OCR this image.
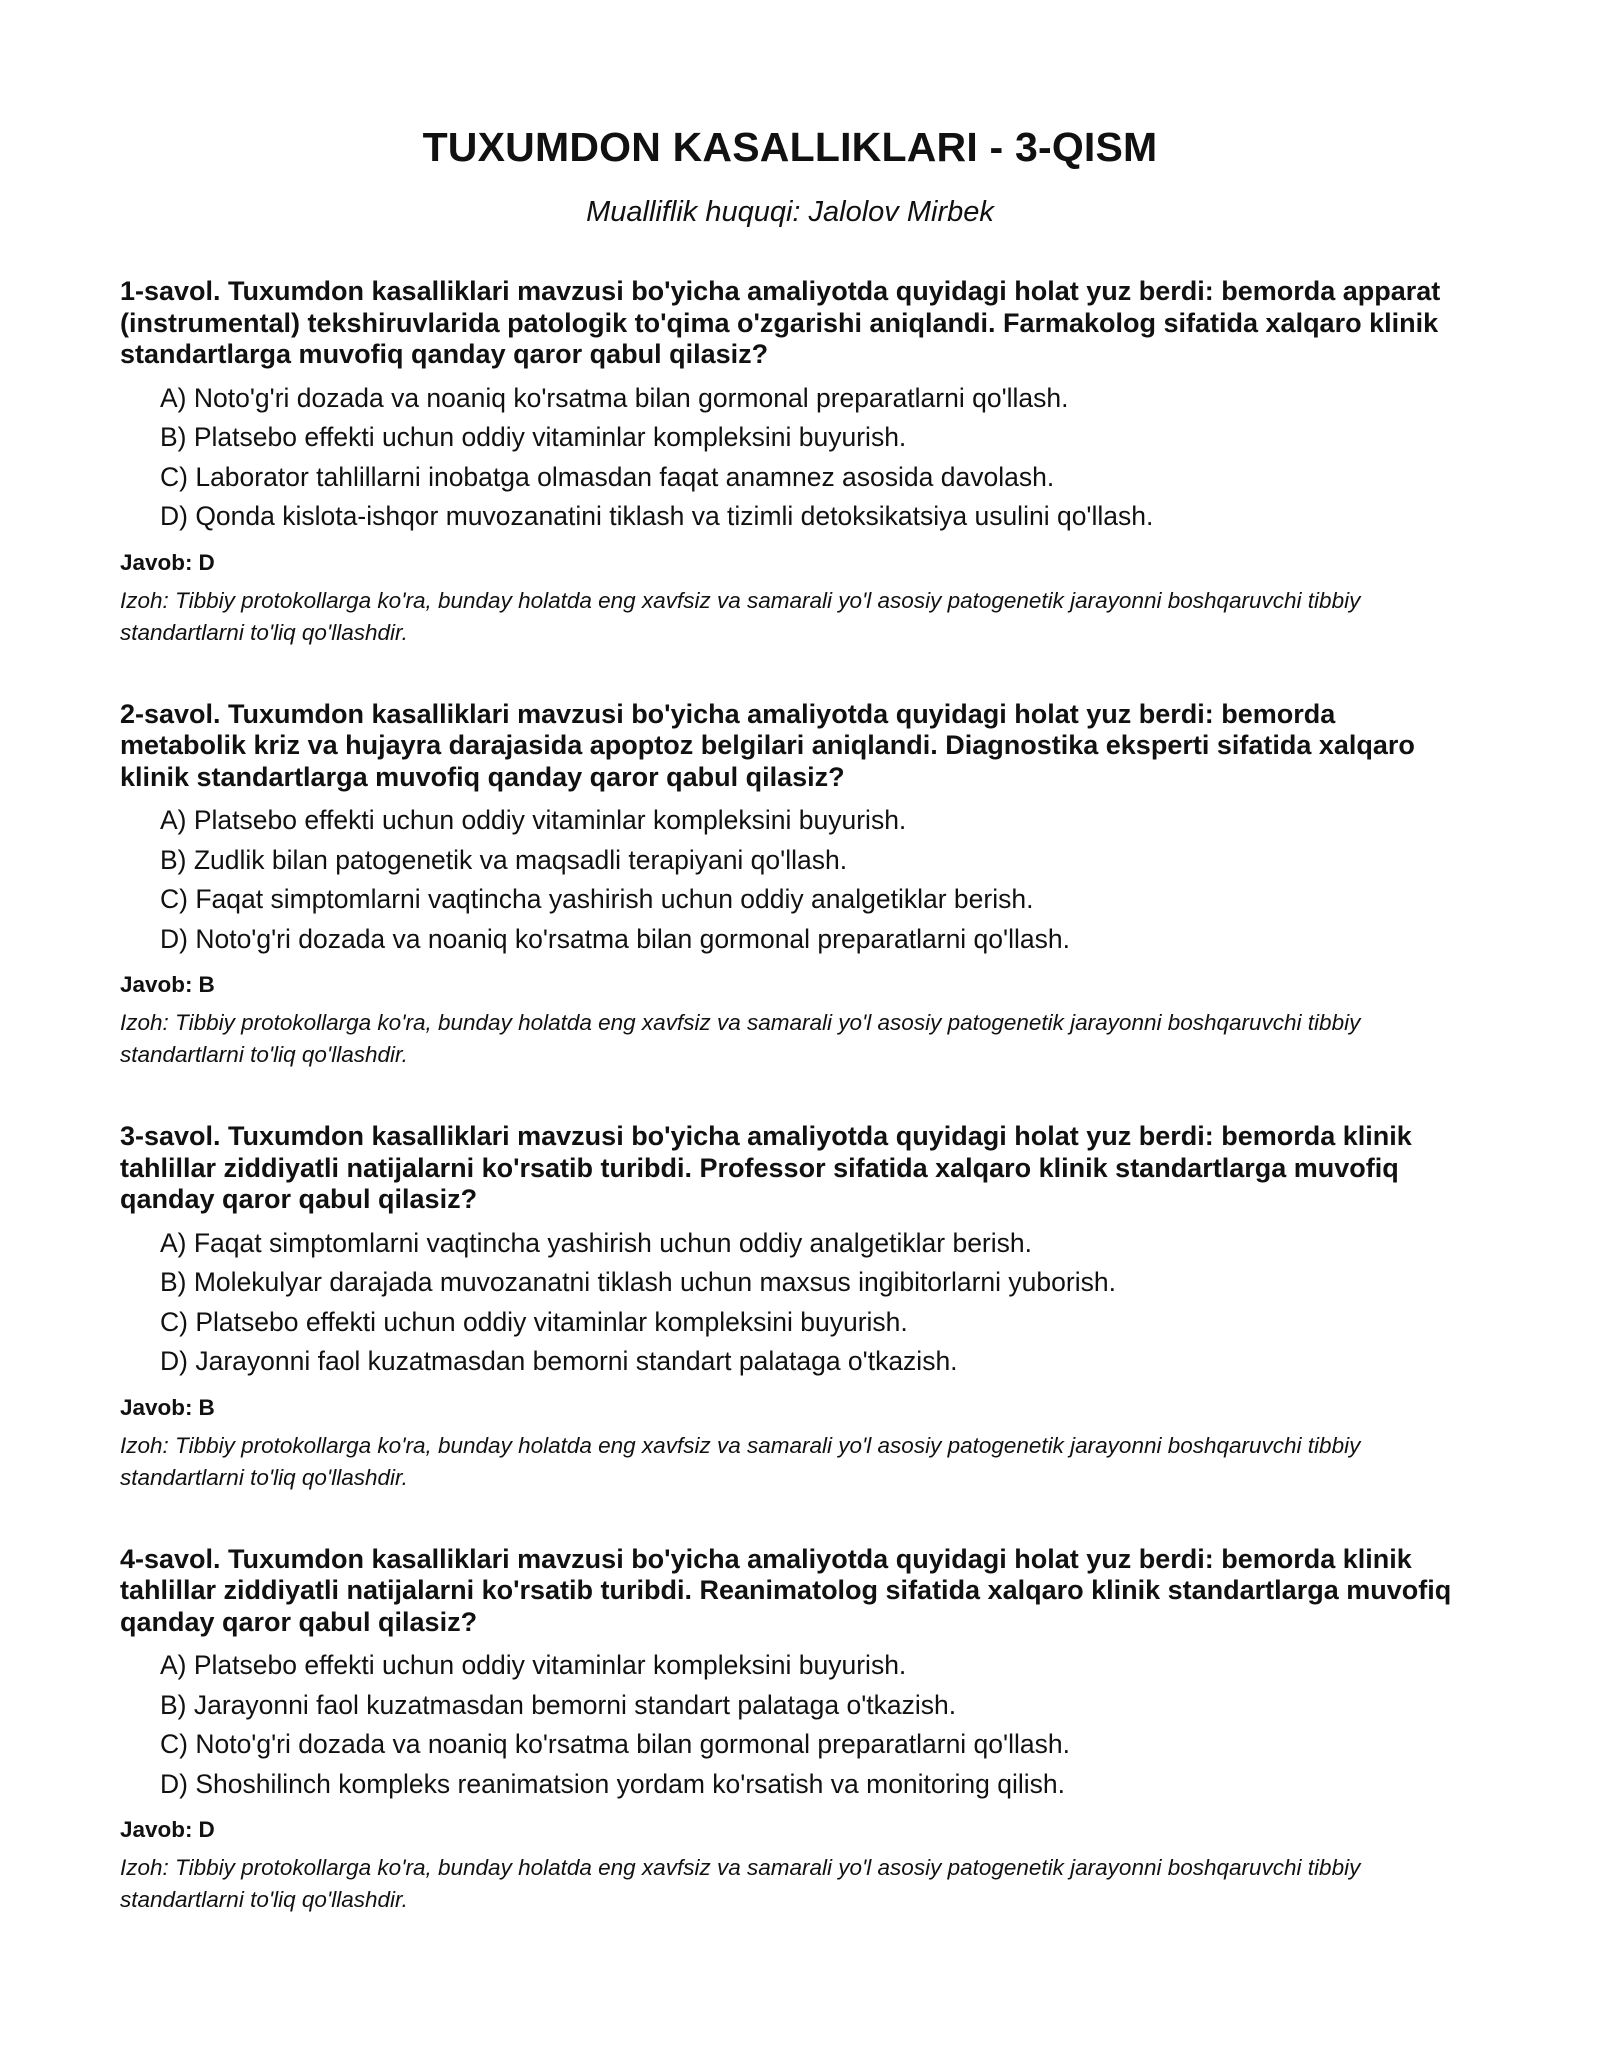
TUXUMDON KASALLIKLARI - 3-QISM

Mualliflik huquqi: Jalolov Mirbek

1-savol. Tuxumdon kasalliklari mavzusi bo'yicha amaliyotda quyidagi holat yuz berdi: bemorda apparat (instrumental) tekshiruvlarida patologik to'qima o'zgarishi aniqlandi. Farmakolog sifatida xalqaro klinik standartlarga muvofiq qanday qaror qabul qilasiz?

A) Noto'g'ri dozada va noaniq ko'rsatma bilan gormonal preparatlarni qo'llash.
B) Platsebo effekti uchun oddiy vitaminlar kompleksini buyurish.
C) Laborator tahlillarni inobatga olmasdan faqat anamnez asosida davolash.
D) Qonda kislota-ishqor muvozanatini tiklash va tizimli detoksikatsiya usulini qo'llash.

Javob: D

Izoh: Tibbiy protokollarga ko'ra, bunday holatda eng xavfsiz va samarali yo'l asosiy patogenetik jarayonni boshqaruvchi tibbiy standartlarni to'liq qo'llashdir.

2-savol. Tuxumdon kasalliklari mavzusi bo'yicha amaliyotda quyidagi holat yuz berdi: bemorda metabolik kriz va hujayra darajasida apoptoz belgilari aniqlandi. Diagnostika eksperti sifatida xalqaro klinik standartlarga muvofiq qanday qaror qabul qilasiz?

A) Platsebo effekti uchun oddiy vitaminlar kompleksini buyurish.
B) Zudlik bilan patogenetik va maqsadli terapiyani qo'llash.
C) Faqat simptomlarni vaqtincha yashirish uchun oddiy analgetiklar berish.
D) Noto'g'ri dozada va noaniq ko'rsatma bilan gormonal preparatlarni qo'llash.

Javob: B

Izoh: Tibbiy protokollarga ko'ra, bunday holatda eng xavfsiz va samarali yo'l asosiy patogenetik jarayonni boshqaruvchi tibbiy standartlarni to'liq qo'llashdir.

3-savol. Tuxumdon kasalliklari mavzusi bo'yicha amaliyotda quyidagi holat yuz berdi: bemorda klinik tahlillar ziddiyatli natijalarni ko'rsatib turibdi. Professor sifatida xalqaro klinik standartlarga muvofiq qanday qaror qabul qilasiz?

A) Faqat simptomlarni vaqtincha yashirish uchun oddiy analgetiklar berish.
B) Molekulyar darajada muvozanatni tiklash uchun maxsus ingibitorlarni yuborish.
C) Platsebo effekti uchun oddiy vitaminlar kompleksini buyurish.
D) Jarayonni faol kuzatmasdan bemorni standart palataga o'tkazish.

Javob: B

Izoh: Tibbiy protokollarga ko'ra, bunday holatda eng xavfsiz va samarali yo'l asosiy patogenetik jarayonni boshqaruvchi tibbiy standartlarni to'liq qo'llashdir.

4-savol. Tuxumdon kasalliklari mavzusi bo'yicha amaliyotda quyidagi holat yuz berdi: bemorda klinik tahlillar ziddiyatli natijalarni ko'rsatib turibdi. Reanimatolog sifatida xalqaro klinik standartlarga muvofiq qanday qaror qabul qilasiz?

A) Platsebo effekti uchun oddiy vitaminlar kompleksini buyurish.
B) Jarayonni faol kuzatmasdan bemorni standart palataga o'tkazish.
C) Noto'g'ri dozada va noaniq ko'rsatma bilan gormonal preparatlarni qo'llash.
D) Shoshilinch kompleks reanimatsion yordam ko'rsatish va monitoring qilish.

Javob: D

Izoh: Tibbiy protokollarga ko'ra, bunday holatda eng xavfsiz va samarali yo'l asosiy patogenetik jarayonni boshqaruvchi tibbiy standartlarni to'liq qo'llashdir.
